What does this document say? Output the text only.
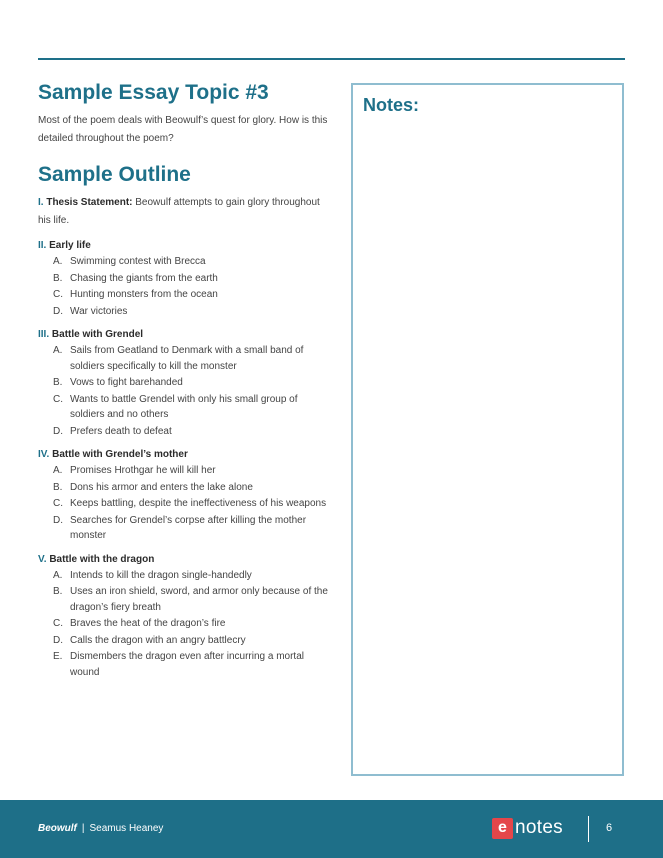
Sample Essay Topic #3

Most of the poem deals with Beowulf’s quest for glory. How is this detailed throughout the poem?

Sample Outline

I. Thesis Statement: Beowulf attempts to gain glory throughout his life.

II. Early life
A. Swimming contest with Brecca
B. Chasing the giants from the earth
C. Hunting monsters from the ocean
D. War victories
III. Battle with Grendel
A. Sails from Geatland to Denmark with a small band of soldiers specifically to kill the monster
B. Vows to fight barehanded
C. Wants to battle Grendel with only his small group of soldiers and no others
D. Prefers death to defeat
IV. Battle with Grendel’s mother
A. Promises Hrothgar he will kill her
B. Dons his armor and enters the lake alone
C. Keeps battling, despite the ineffectiveness of his weapons
D. Searches for Grendel’s corpse after killing the mother monster
V. Battle with the dragon
A. Intends to kill the dragon single-handedly
B. Uses an iron shield, sword, and armor only because of the dragon’s fiery breath
C. Braves the heat of the dragon’s fire
D. Calls the dragon with an angry battlecry
E. Dismembers the dragon even after incurring a mortal wound
Notes:
Beowulf | Seamus Heaney	e notes	6
